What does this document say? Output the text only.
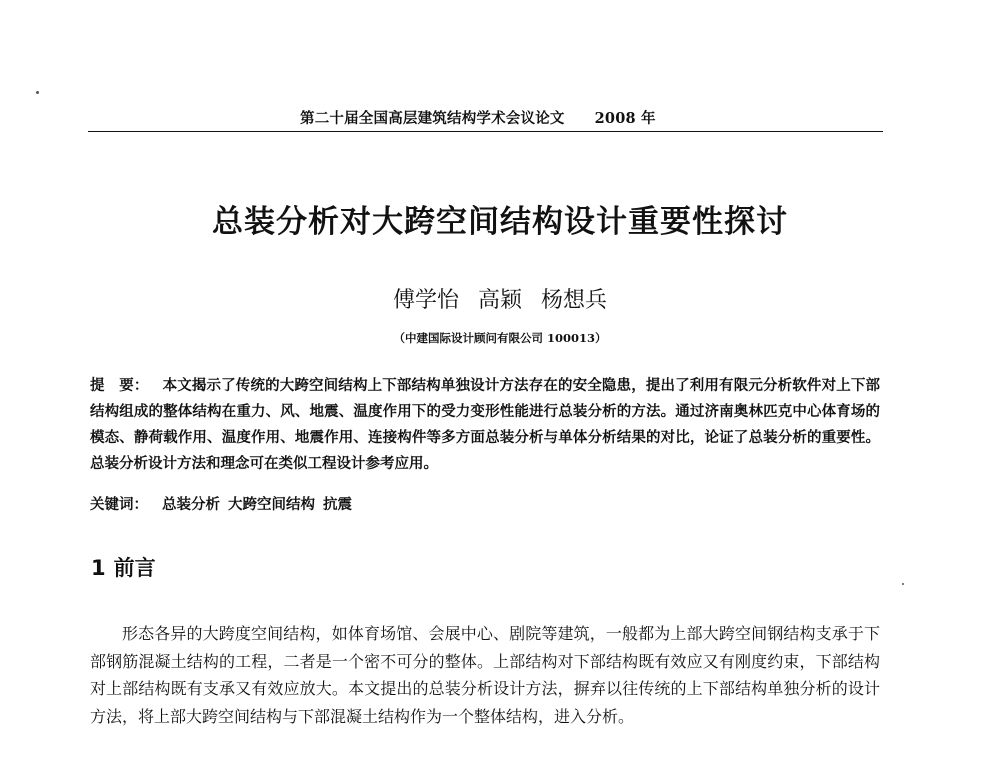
第二十届全国高层建筑结构学术会议论文 2008 年
总装分析对大跨空间结构设计重要性探讨
傅学怡 高颖 杨想兵
（中建国际设计顾问有限公司 100013）

提　要： 本文揭示了传统的大跨空间结构上下部结构单独设计方法存在的安全隐患，提出了利用有限元分析软件对上下部结构组成的整体结构在重力、风、地震、温度作用下的受力变形性能进行总装分析的方法。通过济南奥林匹克中心体育场的模态、静荷载作用、温度作用、地震作用、连接构件等多方面总装分析与单体分析结果的对比，论证了总装分析的重要性。总装分析设计方法和理念可在类似工程设计参考应用。

关键词： 总装分析 大跨空间结构 抗震

1 前言

形态各异的大跨度空间结构，如体育场馆、会展中心、剧院等建筑，一般都为上部大跨空间钢结构支承于下部钢筋混凝土结构的工程，二者是一个密不可分的整体。上部结构对下部结构既有效应又有刚度约束，下部结构对上部结构既有支承又有效应放大。本文提出的总装分析设计方法，摒弃以往传统的上下部结构单独分析的设计方法，将上部大跨空间结构与下部混凝土结构作为一个整体结构，进入分析。
